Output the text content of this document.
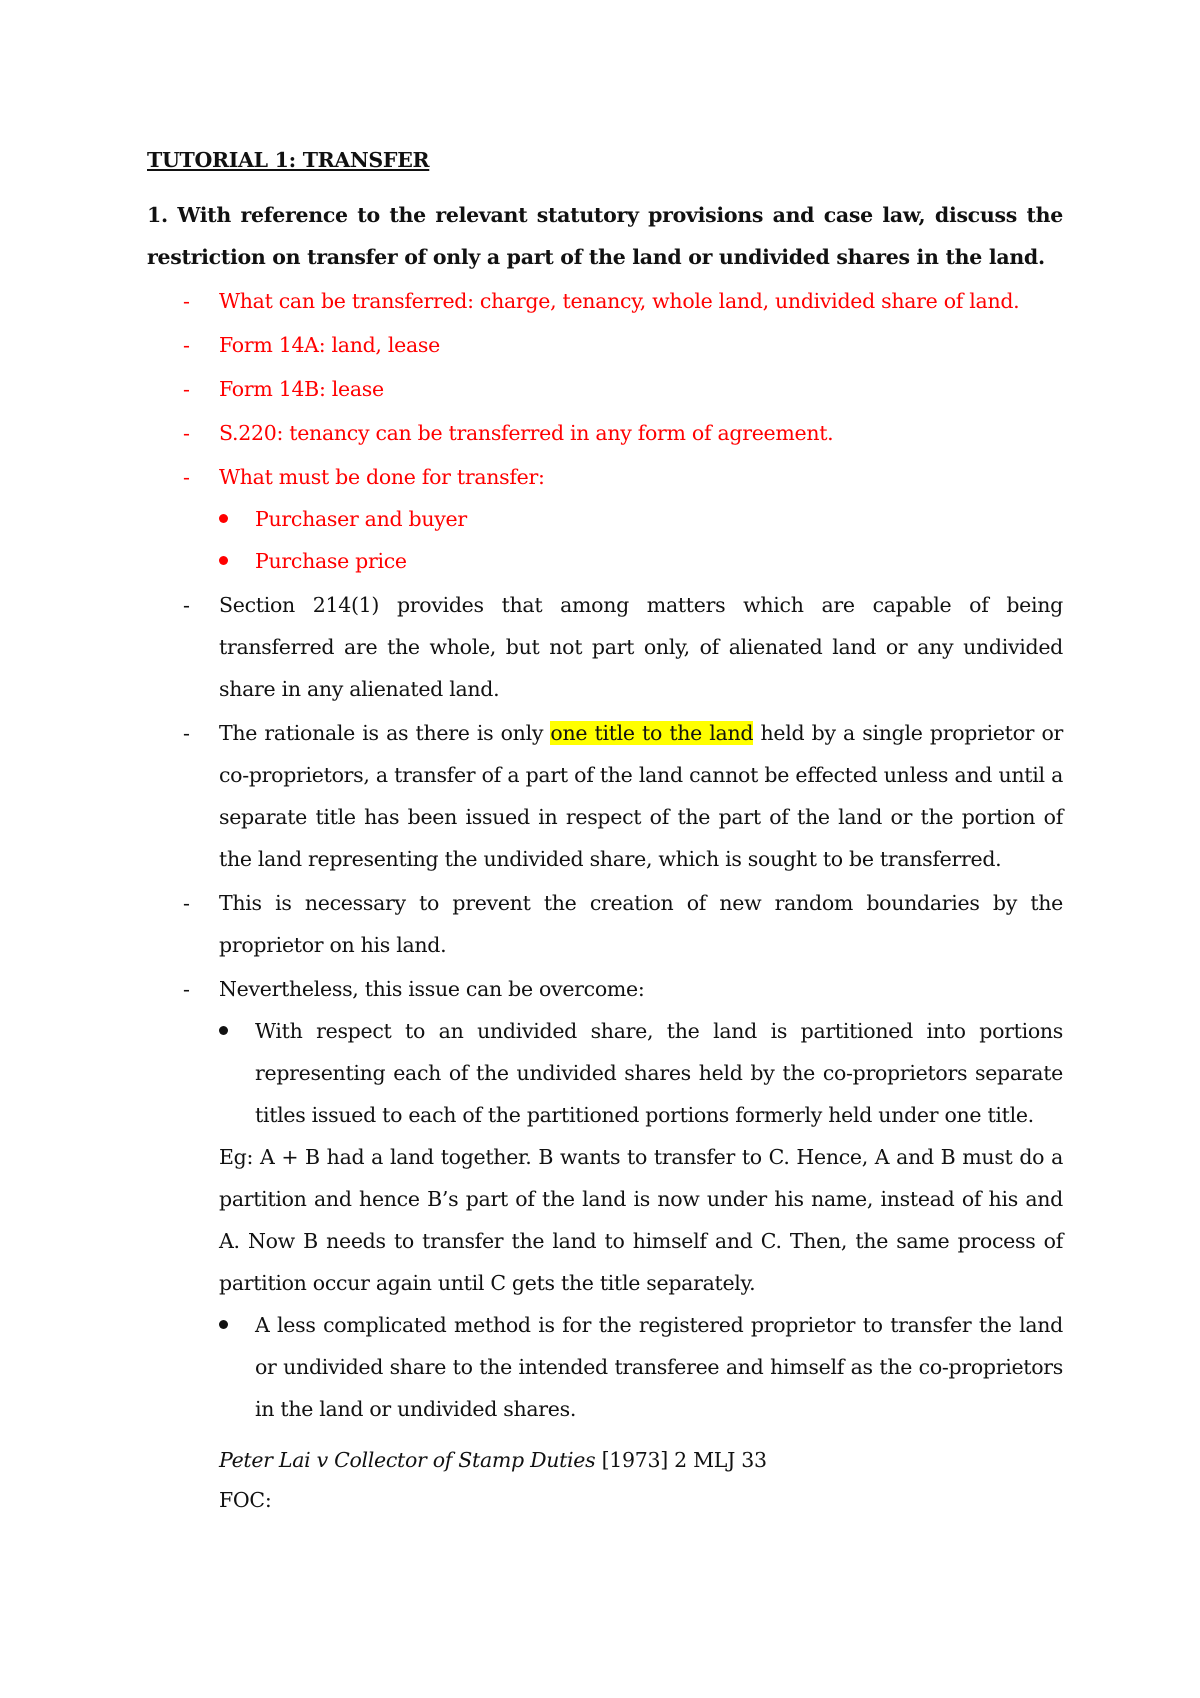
TUTORIAL 1: TRANSFER

1. With reference to the relevant statutory provisions and case law, discuss the restriction on transfer of only a part of the land or undivided shares in the land.

- What can be transferred: charge, tenancy, whole land, undivided share of land.
- Form 14A: land, lease
- Form 14B: lease
- S.220: tenancy can be transferred in any form of agreement.
- What must be done for transfer:
Purchaser and buyer
Purchase price
- Section 214(1) provides that among matters which are capable of being transferred are the whole, but not part only, of alienated land or any undivided share in any alienated land.
- The rationale is as there is only one title to the land held by a single proprietor or co-proprietors, a transfer of a part of the land cannot be effected unless and until a separate title has been issued in respect of the part of the land or the portion of the land representing the undivided share, which is sought to be transferred.
- This is necessary to prevent the creation of new random boundaries by the proprietor on his land.
- Nevertheless, this issue can be overcome:
With respect to an undivided share, the land is partitioned into portions representing each of the undivided shares held by the co-proprietors separate titles issued to each of the partitioned portions formerly held under one title.
Eg: A + B had a land together. B wants to transfer to C. Hence, A and B must do a partition and hence B’s part of the land is now under his name, instead of his and A. Now B needs to transfer the land to himself and C. Then, the same process of partition occur again until C gets the title separately.
A less complicated method is for the registered proprietor to transfer the land or undivided share to the intended transferee and himself as the co-proprietors in the land or undivided shares.
Peter Lai v Collector of Stamp Duties [1973] 2 MLJ 33
FOC:
